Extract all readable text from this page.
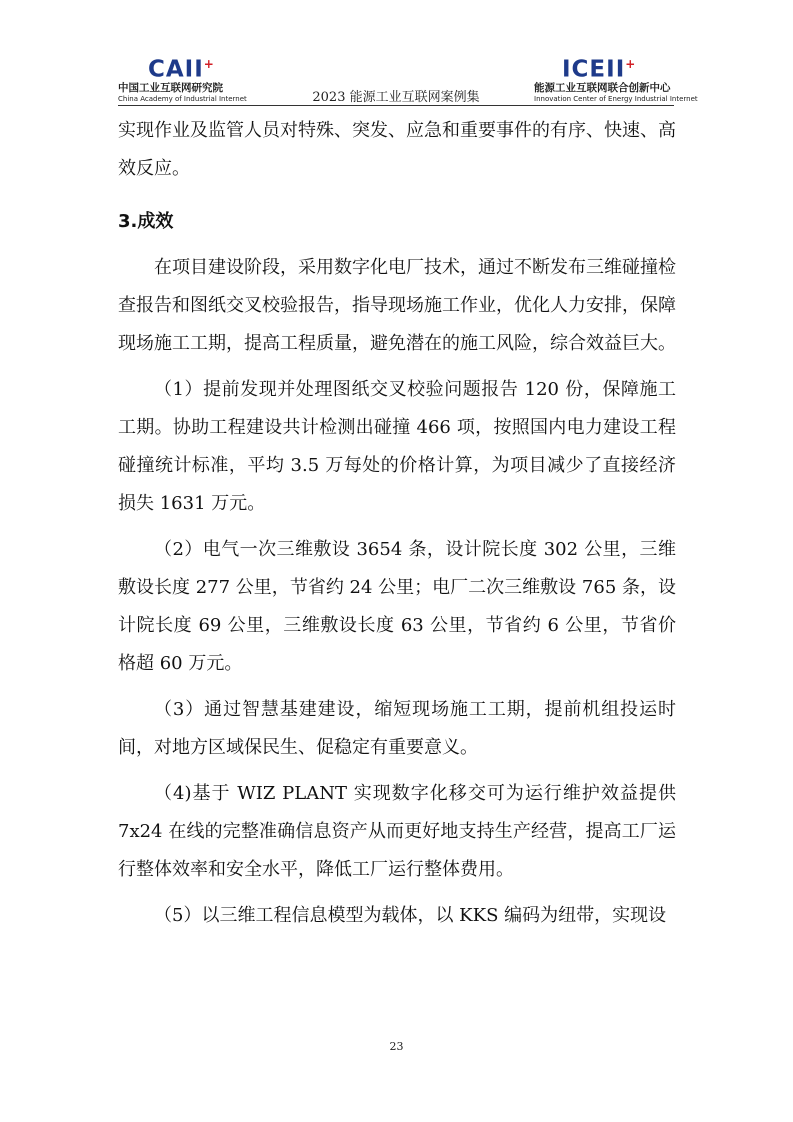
CAII+
中国工业互联网研究院
China Academy of Industrial Internet	2023 能源工业互联网案例集
ICEII+
能源工业互联网联合创新中心
Innovation Center of Energy Industrial Internet

实现作业及监管人员对特殊、突发、应急和重要事件的有序、快速、高效反应。

3.成效

在项目建设阶段，采用数字化电厂技术，通过不断发布三维碰撞检查报告和图纸交叉校验报告，指导现场施工作业，优化人力安排，保障现场施工工期，提高工程质量，避免潜在的施工风险，综合效益巨大。

（1）提前发现并处理图纸交叉校验问题报告 120 份，保障施工工期。协助工程建设共计检测出碰撞 466 项，按照国内电力建设工程碰撞统计标准，平均 3.5 万每处的价格计算，为项目减少了直接经济损失 1631 万元。

（2）电气一次三维敷设 3654 条，设计院长度 302 公里，三维敷设长度 277 公里，节省约 24 公里；电厂二次三维敷设 765 条，设计院长度 69 公里，三维敷设长度 63 公里，节省约 6 公里，节省价格超 60 万元。

（3）通过智慧基建建设，缩短现场施工工期，提前机组投运时间，对地方区域保民生、促稳定有重要意义。

（4)基于 WIZ PLANT 实现数字化移交可为运行维护效益提供 7x24 在线的完整准确信息资产从而更好地支持生产经营，提高工厂运行整体效率和安全水平，降低工厂运行整体费用。

（5）以三维工程信息模型为载体，以 KKS 编码为纽带，实现设

23
